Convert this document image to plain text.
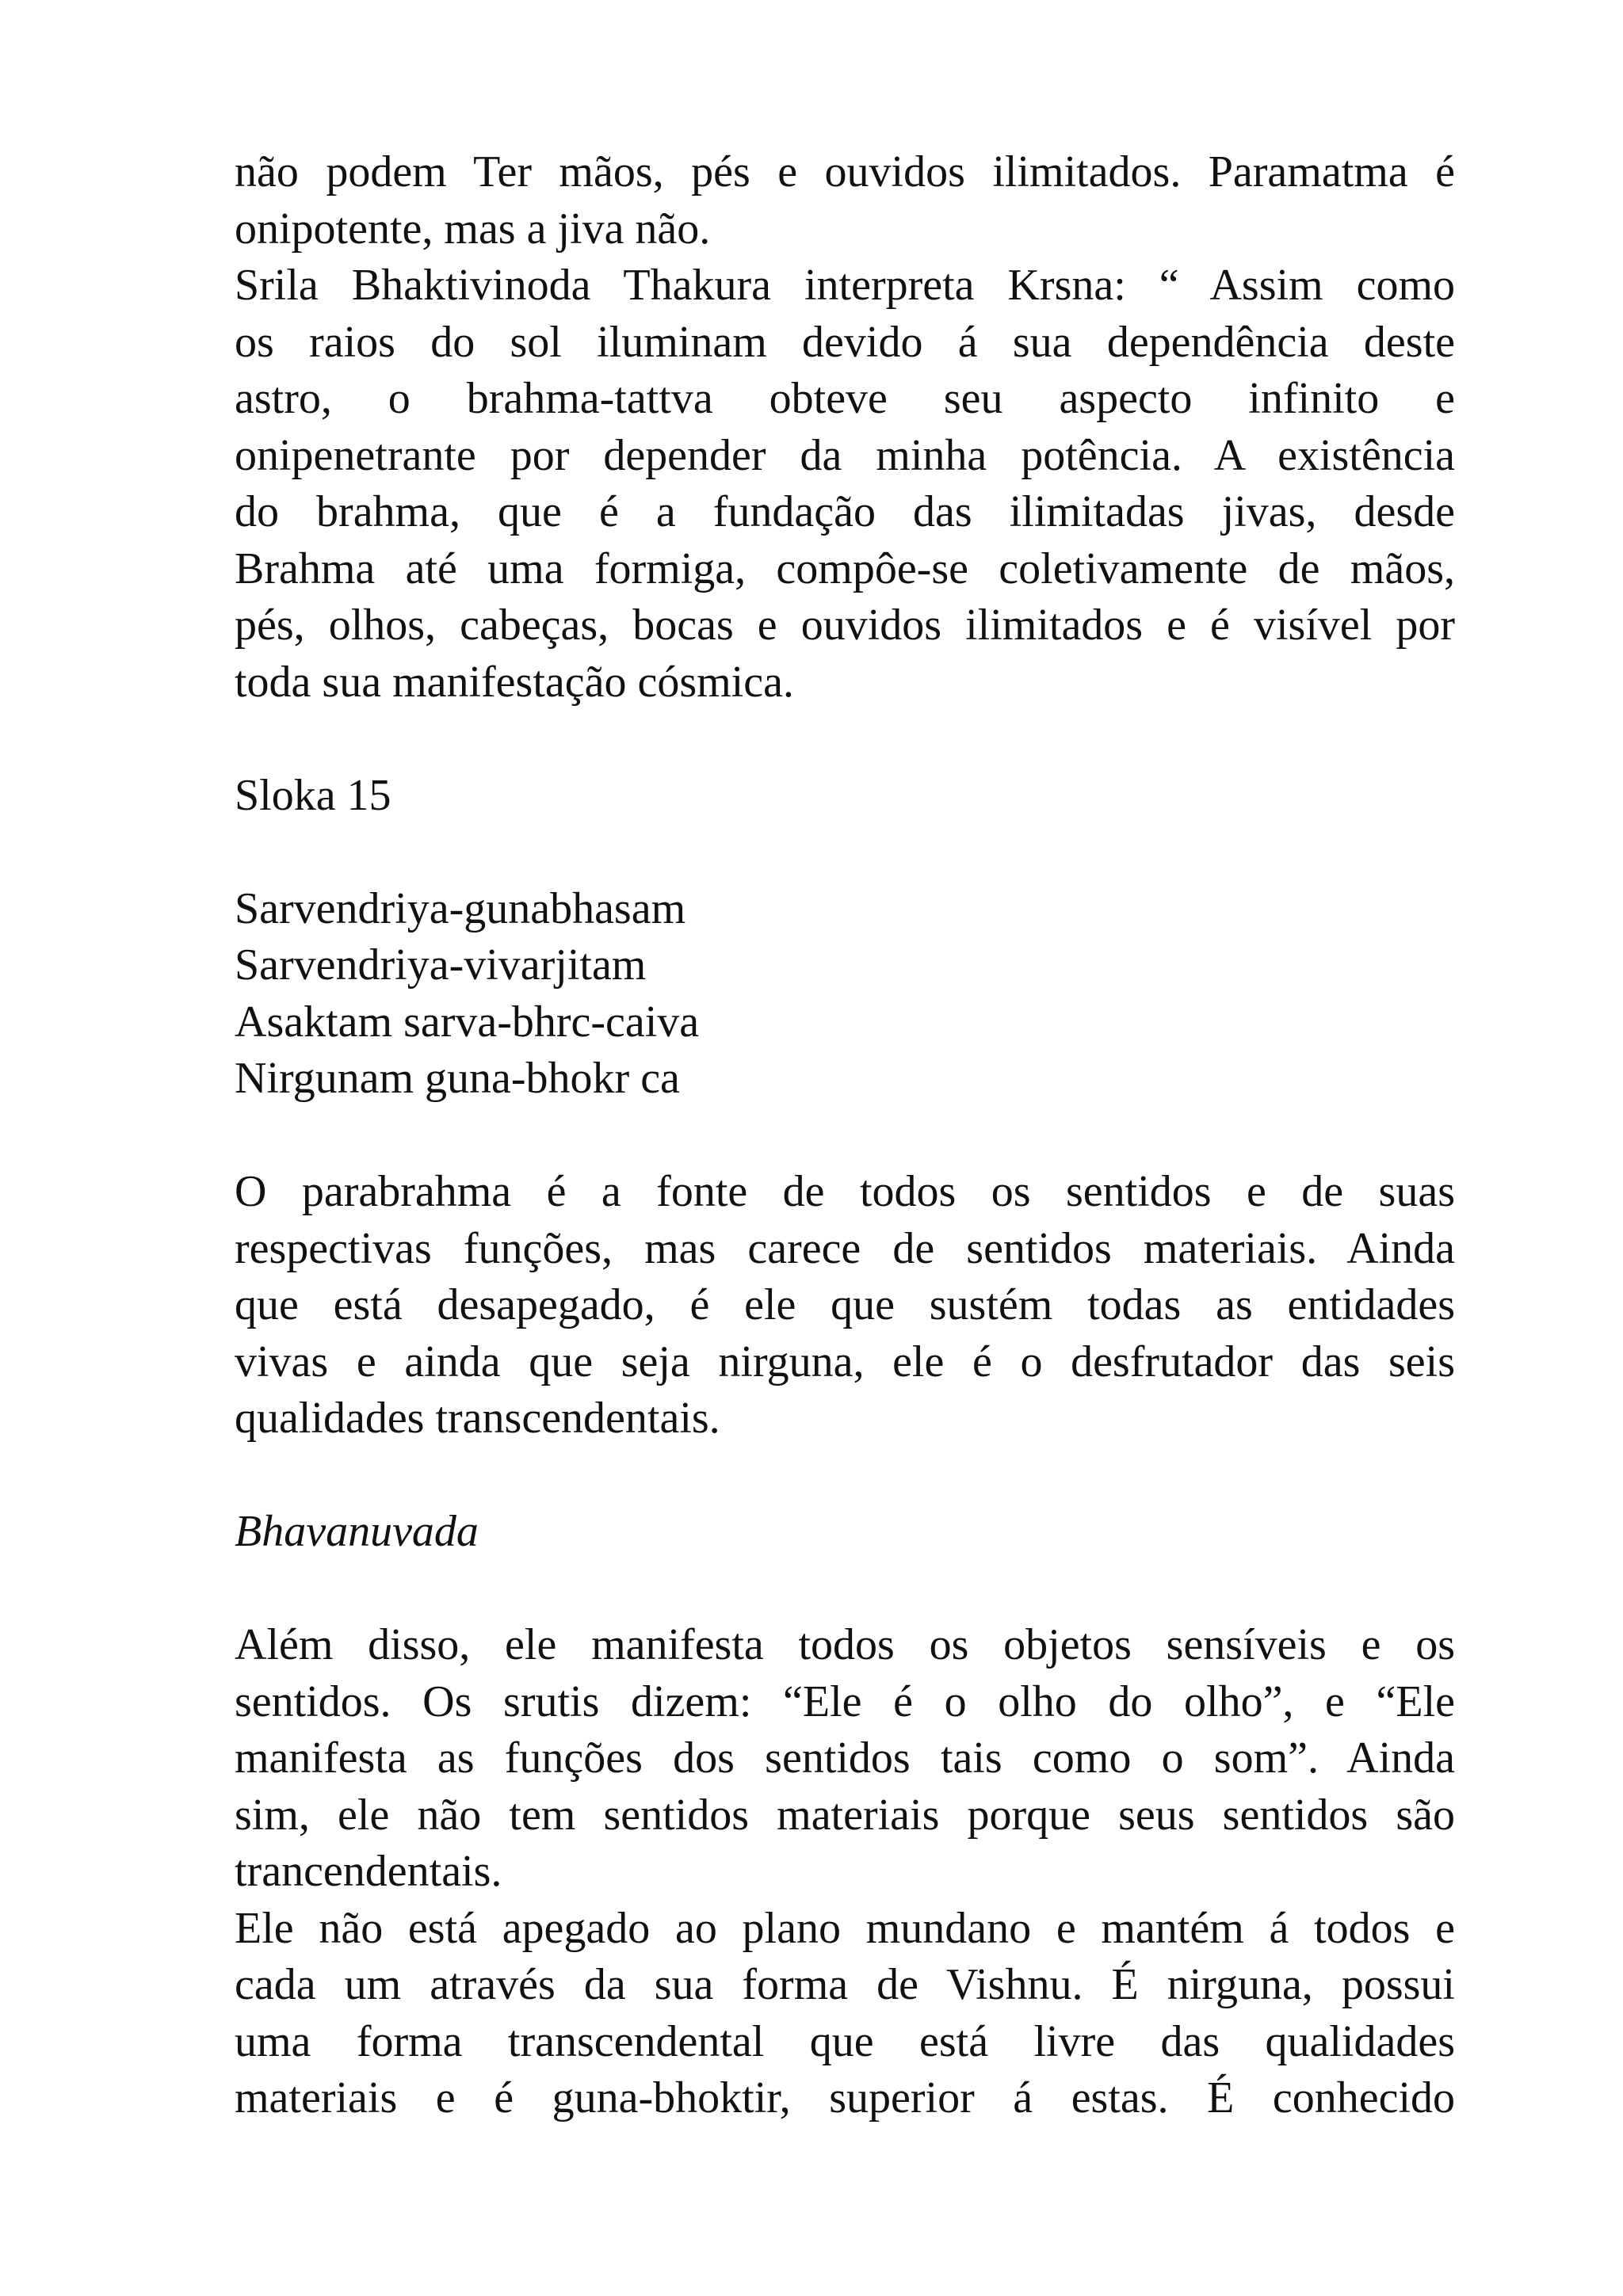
não podem Ter mãos, pés e ouvidos ilimitados. Paramatma é
onipotente, mas a jiva não.
Srila Bhaktivinoda Thakura interpreta Krsna: “ Assim como
os raios do sol iluminam devido á sua dependência deste
astro, o brahma-tattva obteve seu aspecto infinito e
onipenetrante por depender da minha potência. A existência
do brahma, que é a fundação das ilimitadas jivas, desde
Brahma até uma formiga, compôe-se coletivamente de mãos,
pés, olhos, cabeças, bocas e ouvidos ilimitados e é visível por
toda sua manifestação cósmica.
Sloka 15
Sarvendriya-gunabhasam
Sarvendriya-vivarjitam
Asaktam sarva-bhrc-caiva
Nirgunam guna-bhokr ca
O parabrahma é a fonte de todos os sentidos e de suas
respectivas funções, mas carece de sentidos materiais. Ainda
que está desapegado, é ele que sustém todas as entidades
vivas e ainda que seja nirguna, ele é o desfrutador das seis
qualidades transcendentais.
Bhavanuvada
Além disso, ele manifesta todos os objetos sensíveis e os
sentidos. Os srutis dizem: “Ele é o olho do olho”, e “Ele
manifesta as funções dos sentidos tais como o som”. Ainda
sim, ele não tem sentidos materiais porque seus sentidos são
trancendentais.
Ele não está apegado ao plano mundano e mantém á todos e
cada um através da sua forma de Vishnu. É nirguna, possui
uma forma transcendental que está livre das qualidades
materiais e é guna-bhoktir, superior á estas. É conhecido
